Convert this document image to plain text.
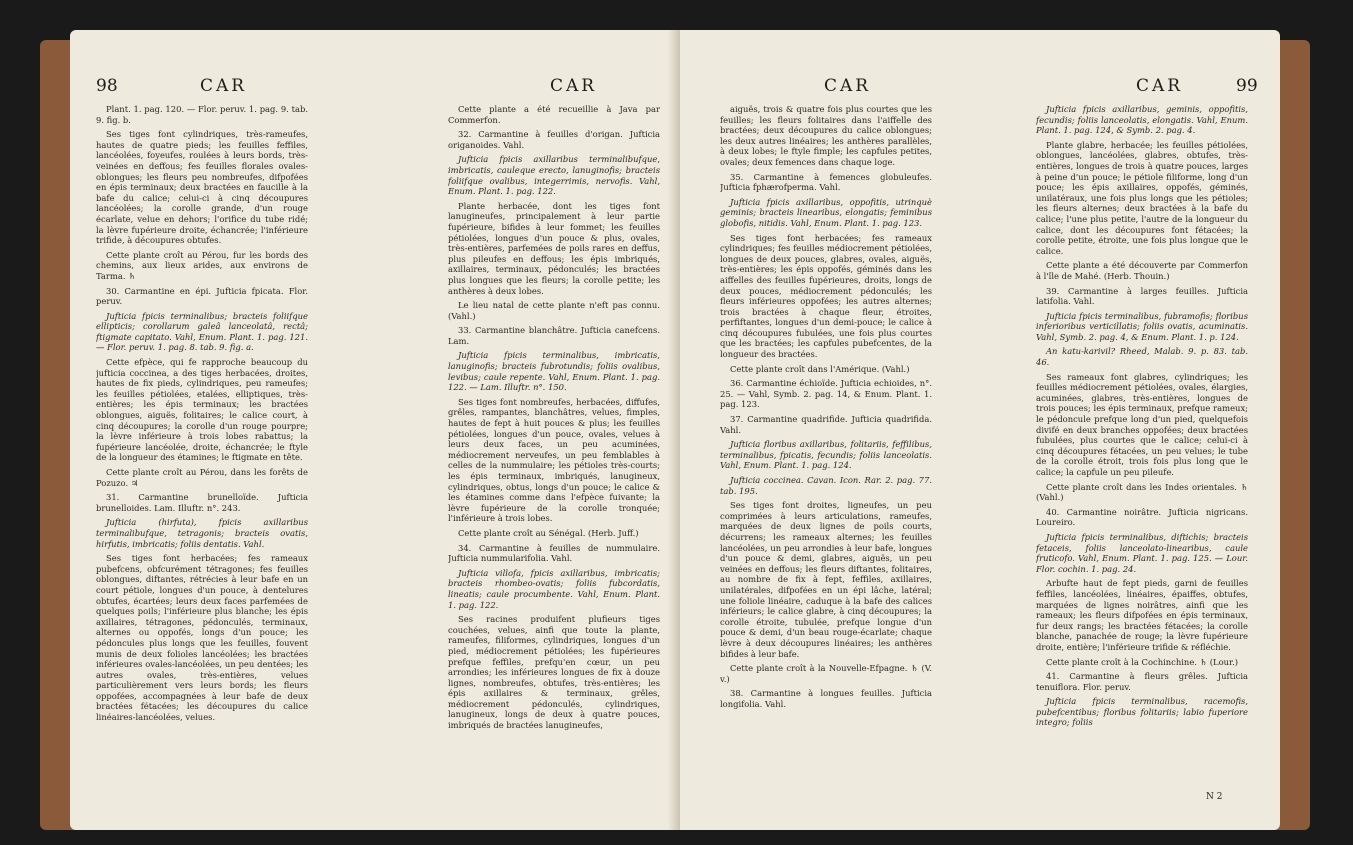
98	CAR	CAR

Plant. 1. pag. 120. — Flor. peruv. 1. pag. 9. tab. 9. fig. b.

Ses tiges font cylindriques, très-rameufes, hautes de quatre pieds; les feuilles feffiles, lancéolées, foyeufes, roulées à leurs bords, très-veinées en deffous; fes feuilles florales ovales-oblongues; les fleurs peu nombreufes, difpofées en épis terminaux; deux bractées en faucille à la bafe du calice; celui-ci à cinq découpures lancéolées; la corolle grande, d'un rouge écarlate, velue en dehors; l'orifice du tube ridé; la lèvre fupérieure droite, échancrée; l'inférieure trifide, à découpures obtufes.

Cette plante croît au Pérou, fur les bords des chemins, aux lieux arides, aux environs de Tarma. ♄

30. Carmantine en épi. Jufticia fpicata. Flor. peruv.

Jufticia fpicis terminalibus; bracteis foliifque ellipticis; corollarum galeâ lanceolatâ, rectâ; ftigmate capitato. Vahl, Enum. Plant. 1. pag. 121. — Flor. peruv. 1. pag. 8. tab. 9. fig. a.

Cette efpèce, qui fe rapproche beaucoup du jufticia coccinea, a des tiges herbacées, droites, hautes de fix pieds, cylindriques, peu rameufes; les feuilles pétiolées, etalées, elliptiques, très-entières; les épis terminaux; les bractées oblongues, aiguës, folitaires; le calice court, à cinq découpures; la corolle d'un rouge pourpre; la lèvre inférieure à trois lobes rabattus; la fupérieure lancéolée, droite, échancrée; le ftyle de la longueur des étamines; le ftigmate en tête.

Cette plante croît au Pérou, dans les forêts de Pozuzo. ♃

31. Carmantine brunelloïde. Jufticia brunelloides. Lam. Illuftr. n°. 243.

Jufticia (hirfuta), fpicis axillaribus terminalibufque, tetragonis; bracteis ovatis, hirfutis, imbricatis; foliis dentatis. Vahl.

Ses tiges font herbacées; fes rameaux pubefcens, obfcurément tétragones; fes feuilles oblongues, diftantes, rétrécies à leur bafe en un court pétiole, longues d'un pouce, à dentelures obtufes, écartées; leurs deux faces parfemées de quelques poils; l'inférieure plus blanche; les épis axillaires, tétragones, pédonculés, terminaux, alternes ou oppofés, longs d'un pouce; les pédoncules plus longs que les feuilles, fouvent munis de deux folioles lancéolées; les bractées inférieures ovales-lancéolées, un peu dentées; les autres ovales, très-entières, velues particulièrement vers leurs bords; les fleurs oppofées, accompagnées à leur bafe de deux bractées fétacées; les découpures du calice linéaires-lancéolées, velues.

Cette plante a été recueillie à Java par Commerfon.

32. Carmantine à feuilles d'origan. Jufticia origanoides. Vahl.

Jufticia fpicis axillaribus terminalibufque, imbricatis, cauleque erecto, lanuginofis; bracteis foliifque ovalibus, integerrimis, nervofis. Vahl, Enum. Plant. 1. pag. 122.

Plante herbacée, dont les tiges font lanugineufes, principalement à leur partie fupérieure, bifides à leur fommet; les feuilles pétiolées, longues d'un pouce & plus, ovales, très-entières, parfemées de poils rares en deffus, plus pileufes en deffous; les épis imbriqués, axillaires, terminaux, pédonculés; les bractées plus longues que les fleurs; la corolle petite; les anthères à deux lobes.

Le lieu natal de cette plante n'eft pas connu. (Vahl.)

33. Carmantine blanchâtre. Jufticia canefcens. Lam.

Jufticia fpicis terminalibus, imbricatis, lanuginofis; bracteis fubrotundis; foliis ovalibus, levibus; caule repente. Vahl, Enum. Plant. 1. pag. 122. — Lam. Illuftr. n°. 150.

Ses tiges font nombreufes, herbacées, diffufes, grêles, rampantes, blanchâtres, velues, fimples, hautes de fept à huit pouces & plus; les feuilles pétiolées, longues d'un pouce, ovales, velues à leurs deux faces, un peu acuminées, médiocrement nerveufes, un peu femblables à celles de la nummulaire; les pétioles très-courts; les épis terminaux, imbriqués, lanugineux, cylindriques, obtus, longs d'un pouce; le calice & les étamines comme dans l'efpèce fuivante; la lèvre fupérieure de la corolle tronquée; l'inférieure à trois lobes.

Cette plante croît au Sénégal. (Herb. Juff.)

34. Carmantine à feuilles de nummulaire. Jufticia nummularifolia. Vahl.

Jufticia villofa, fpicis axillaribus, imbricatis; bracteis rhombeo-ovatis; foliis fubcordatis, lineatis; caule procumbente. Vahl, Enum. Plant. 1. pag. 122.

Ses racines produifent plufieurs tiges couchées, velues, ainfi que toute la plante, rameufes, filiformes, cylindriques, longues d'un pied, médiocrement pétiolées; les fupérieures prefque feffiles, prefqu'en cœur, un peu arrondies; les inférieures longues de fix à douze lignes, nombreufes, obtufes, très-entières; les épis axillaires & terminaux, grêles, médiocrement pédonculés, cylindriques, lanugineux, longs de deux à quatre pouces, imbriqués de bractées lanugineufes,

CAR	CAR	99

aiguës, trois & quatre fois plus courtes que les feuilles; les fleurs folitaires dans l'aiffelle des bractées; deux découpures du calice oblongues; les deux autres linéaires; les anthères parallèles, à deux lobes; le ftyle fimple; les capfules petites, ovales; deux femences dans chaque loge.

35. Carmantine à femences globuleufes. Jufticia fphærofperma. Vahl.

Jufticia fpicis axillaribus, oppofitis, utrinquè geminis; bracteis linearibus, elongatis; feminibus globofis, nitidis. Vahl, Enum. Plant. 1. pag. 123.

Ses tiges font herbacées; fes rameaux cylindriques; fes feuilles médiocrement pétiolées, longues de deux pouces, glabres, ovales, aiguës, très-entières; les épis oppofés, géminés dans les aiffelles des feuilles fupérieures, droits, longs de deux pouces, médiocrement pédonculés; les fleurs inférieures oppofées; les autres alternes; trois bractées à chaque fleur, étroites, perfiftantes, longues d'un demi-pouce; le calice à cinq découpures fubulées, une fois plus courtes que les bractées; les capfules pubefcentes, de la longueur des bractées.

Cette plante croît dans l'Amérique. (Vahl.)

36. Carmantine échioïde. Jufticia echioides, n°. 25. — Vahl, Symb. 2. pag. 14, & Enum. Plant. 1. pag. 123.

37. Carmantine quadrifide. Jufticia quadrifida. Vahl.

Jufticia floribus axillaribus, folitariis, feffilibus, terminalibus, fpicatis, fecundis; foliis lanceolatis. Vahl, Enum. Plant. 1. pag. 124.

Jufticia coccinea. Cavan. Icon. Rar. 2. pag. 77. tab. 195.

Ses tiges font droites, ligneufes, un peu comprimées à leurs articulations, rameufes, marquées de deux lignes de poils courts, décurrens; les rameaux alternes; les feuilles lancéolées, un peu arrondies à leur bafe, longues d'un pouce & demi, glabres, aiguës, un peu veinées en deffous; les fleurs diftantes, folitaires, au nombre de fix à fept, feffiles, axillaires, unilatérales, difpofées en un épi lâche, latéral; une foliole linéaire, caduque à la bafe des calices inférieurs; le calice glabre, à cinq découpures; la corolle étroite, tubulée, prefque longue d'un pouce & demi, d'un beau rouge-écarlate; chaque lèvre à deux découpures linéaires; les anthères bifides à leur bafe.

Cette plante croît à la Nouvelle-Efpagne. ♄ (V. v.)

38. Carmantine à longues feuilles. Jufticia longifolia. Vahl.

Jufticia fpicis axillaribus, geminis, oppofitis, fecundis; foliis lanceolatis, elongatis. Vahl, Enum. Plant. 1. pag. 124, & Symb. 2. pag. 4.

Plante glabre, herbacée; les feuilles pétiolées, oblongues, lancéolées, glabres, obtufes, très-entières, longues de trois à quatre pouces, larges à peine d'un pouce; le pétiole filiforme, long d'un pouce; les épis axillaires, oppofés, géminés, unilatéraux, une fois plus longs que les pétioles; les fleurs alternes; deux bractées à la bafe du calice; l'une plus petite, l'autre de la longueur du calice, dont les découpures font fétacées; la corolle petite, étroite, une fois plus longue que le calice.

Cette plante a été découverte par Commerfon à l'île de Mahé. (Herb. Thouin.)

39. Carmantine à larges feuilles. Jufticia latifolia. Vahl.

Jufticia fpicis terminalibus, fubramofis; floribus inferioribus verticillatis; foliis ovatis, acuminatis. Vahl, Symb. 2. pag. 4, & Enum. Plant. 1. p. 124.

An katu-karivil? Rheed, Malab. 9. p. 83. tab. 46.

Ses rameaux font glabres, cylindriques; les feuilles médiocrement pétiolées, ovales, élargies, acuminées, glabres, très-entières, longues de trois pouces; les épis terminaux, prefque rameux; le pédoncule prefque long d'un pied, quelquefois divifé en deux branches oppofées; deux bractées fubulées, plus courtes que le calice; celui-ci à cinq découpures fétacées, un peu velues; le tube de la corolle étroit, trois fois plus long que le calice; la capfule un peu pileufe.

Cette plante croît dans les Indes orientales. ♄ (Vahl.)

40. Carmantine noirâtre. Jufticia nigricans. Loureiro.

Jufticia fpicis terminalibus, diftichis; bracteis fetaceis, foliis lanceolato-linearibus, caule fruticofo. Vahl, Enum. Plant. 1. pag. 125. — Lour. Flor. cochin. 1. pag. 24.

Arbufte haut de fept pieds, garni de feuilles feffiles, lancéolées, linéaires, épaiffes, obtufes, marquées de lignes noirâtres, ainfi que les rameaux; les fleurs difpofées en épis terminaux, fur deux rangs; les bractées fétacées; la corolle blanche, panachée de rouge; la lèvre fupérieure droite, entière; l'inférieure trifide & réfléchie.

Cette plante croît à la Cochinchine. ♄ (Lour.)

41. Carmantine à fleurs grêles. Jufticia tenuiflora. Flor. peruv.

Jufticia fpicis terminalibus, racemofis, pubefcentibus; floribus folitariis; labio fuperiore integro; foliis

N 2
